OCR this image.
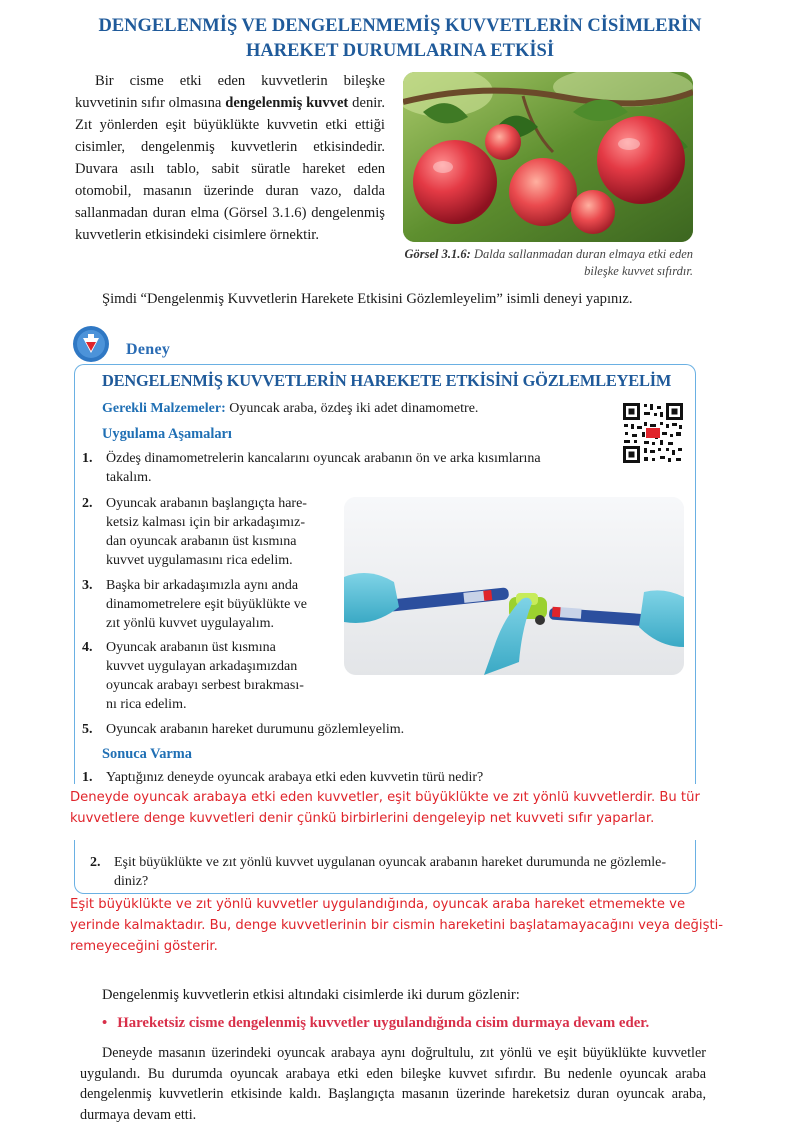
DENGELENMİŞ VE DENGELENMEMİŞ KUVVETLERİN CİSİMLERİN
HAREKET DURUMLARINA ETKİSİ
Bir cisme etki eden kuvvetlerin bileşke kuvvetinin sıfır olmasına dengelenmiş kuvvet denir. Zıt yönlerden eşit büyüklükte kuvvetin etki ettiği cisimler, dengelenmiş kuvvetlerin etkisindedir. Duvara asılı tablo, sabit süratle hareket eden otomobil, masanın üzerinde duran vazo, dalda sallanmadan duran elma (Görsel 3.1.6) dengelenmiş kuvvetlerin etkisindeki cisimlere örnektir.
Görsel 3.1.6: Dalda sallanmadan duran elmaya etki eden bileşke kuvvet sıfırdır.
Şimdi “Dengelenmiş Kuvvetlerin Harekete Etkisini Gözlemleyelim” isimli deneyi yapınız.
Deney
DENGELENMİŞ KUVVETLERİN HAREKETE ETKİSİNİ GÖZLEMLEYELİM
Gerekli Malzemeler: Oyuncak araba, özdeş iki adet dinamometre.
Uygulama Aşamaları
1. Özdeş dinamometrelerin kancalarını oyuncak arabanın ön ve arka kısımlarına
takalım.
2. Oyuncak arabanın başlangıçta hare-
ketsiz kalması için bir arkadaşımız-
dan oyuncak arabanın üst kısmına
kuvvet uygulamasını rica edelim.
3. Başka bir arkadaşımızla aynı anda
dinamometrelere eşit büyüklükte ve
zıt yönlü kuvvet uygulayalım.
4. Oyuncak arabanın üst kısmına
kuvvet uygulayan arkadaşımızdan
oyuncak arabayı serbest bırakması-
nı rica edelim.
5. Oyuncak arabanın hareket durumunu gözlemleyelim.
Sonuca Varma
1. Yaptığınız deneyde oyuncak arabaya etki eden kuvvetin türü nedir?
Deneyde oyuncak arabaya etki eden kuvvetler, eşit büyüklükte ve zıt yönlü kuvvetlerdir. Bu tür
kuvvetlere denge kuvvetleri denir çünkü birbirlerini dengeleyip net kuvveti sıfır yaparlar.
2. Eşit büyüklükte ve zıt yönlü kuvvet uygulanan oyuncak arabanın hareket durumunda ne gözlemle-
diniz?
Eşit büyüklükte ve zıt yönlü kuvvetler uygulandığında, oyuncak araba hareket etmemekte ve
yerinde kalmaktadır. Bu, denge kuvvetlerinin bir cismin hareketini başlatamayacağını veya değişti-
remeyeceğini gösterir.
Dengelenmiş kuvvetlerin etkisi altındaki cisimlerde iki durum gözlenir:
• Hareketsiz cisme dengelenmiş kuvvetler uygulandığında cisim durmaya devam eder.
Deneyde masanın üzerindeki oyuncak arabaya aynı doğrultulu, zıt yönlü ve eşit büyüklükte kuvvetler uygulandı. Bu durumda oyuncak arabaya etki eden bileşke kuvvet sıfırdır. Bu nedenle oyuncak araba dengelenmiş kuvvetlerin etkisinde kaldı. Başlangıçta masanın üzerinde hareketsiz duran oyuncak araba, durmaya devam etti.
